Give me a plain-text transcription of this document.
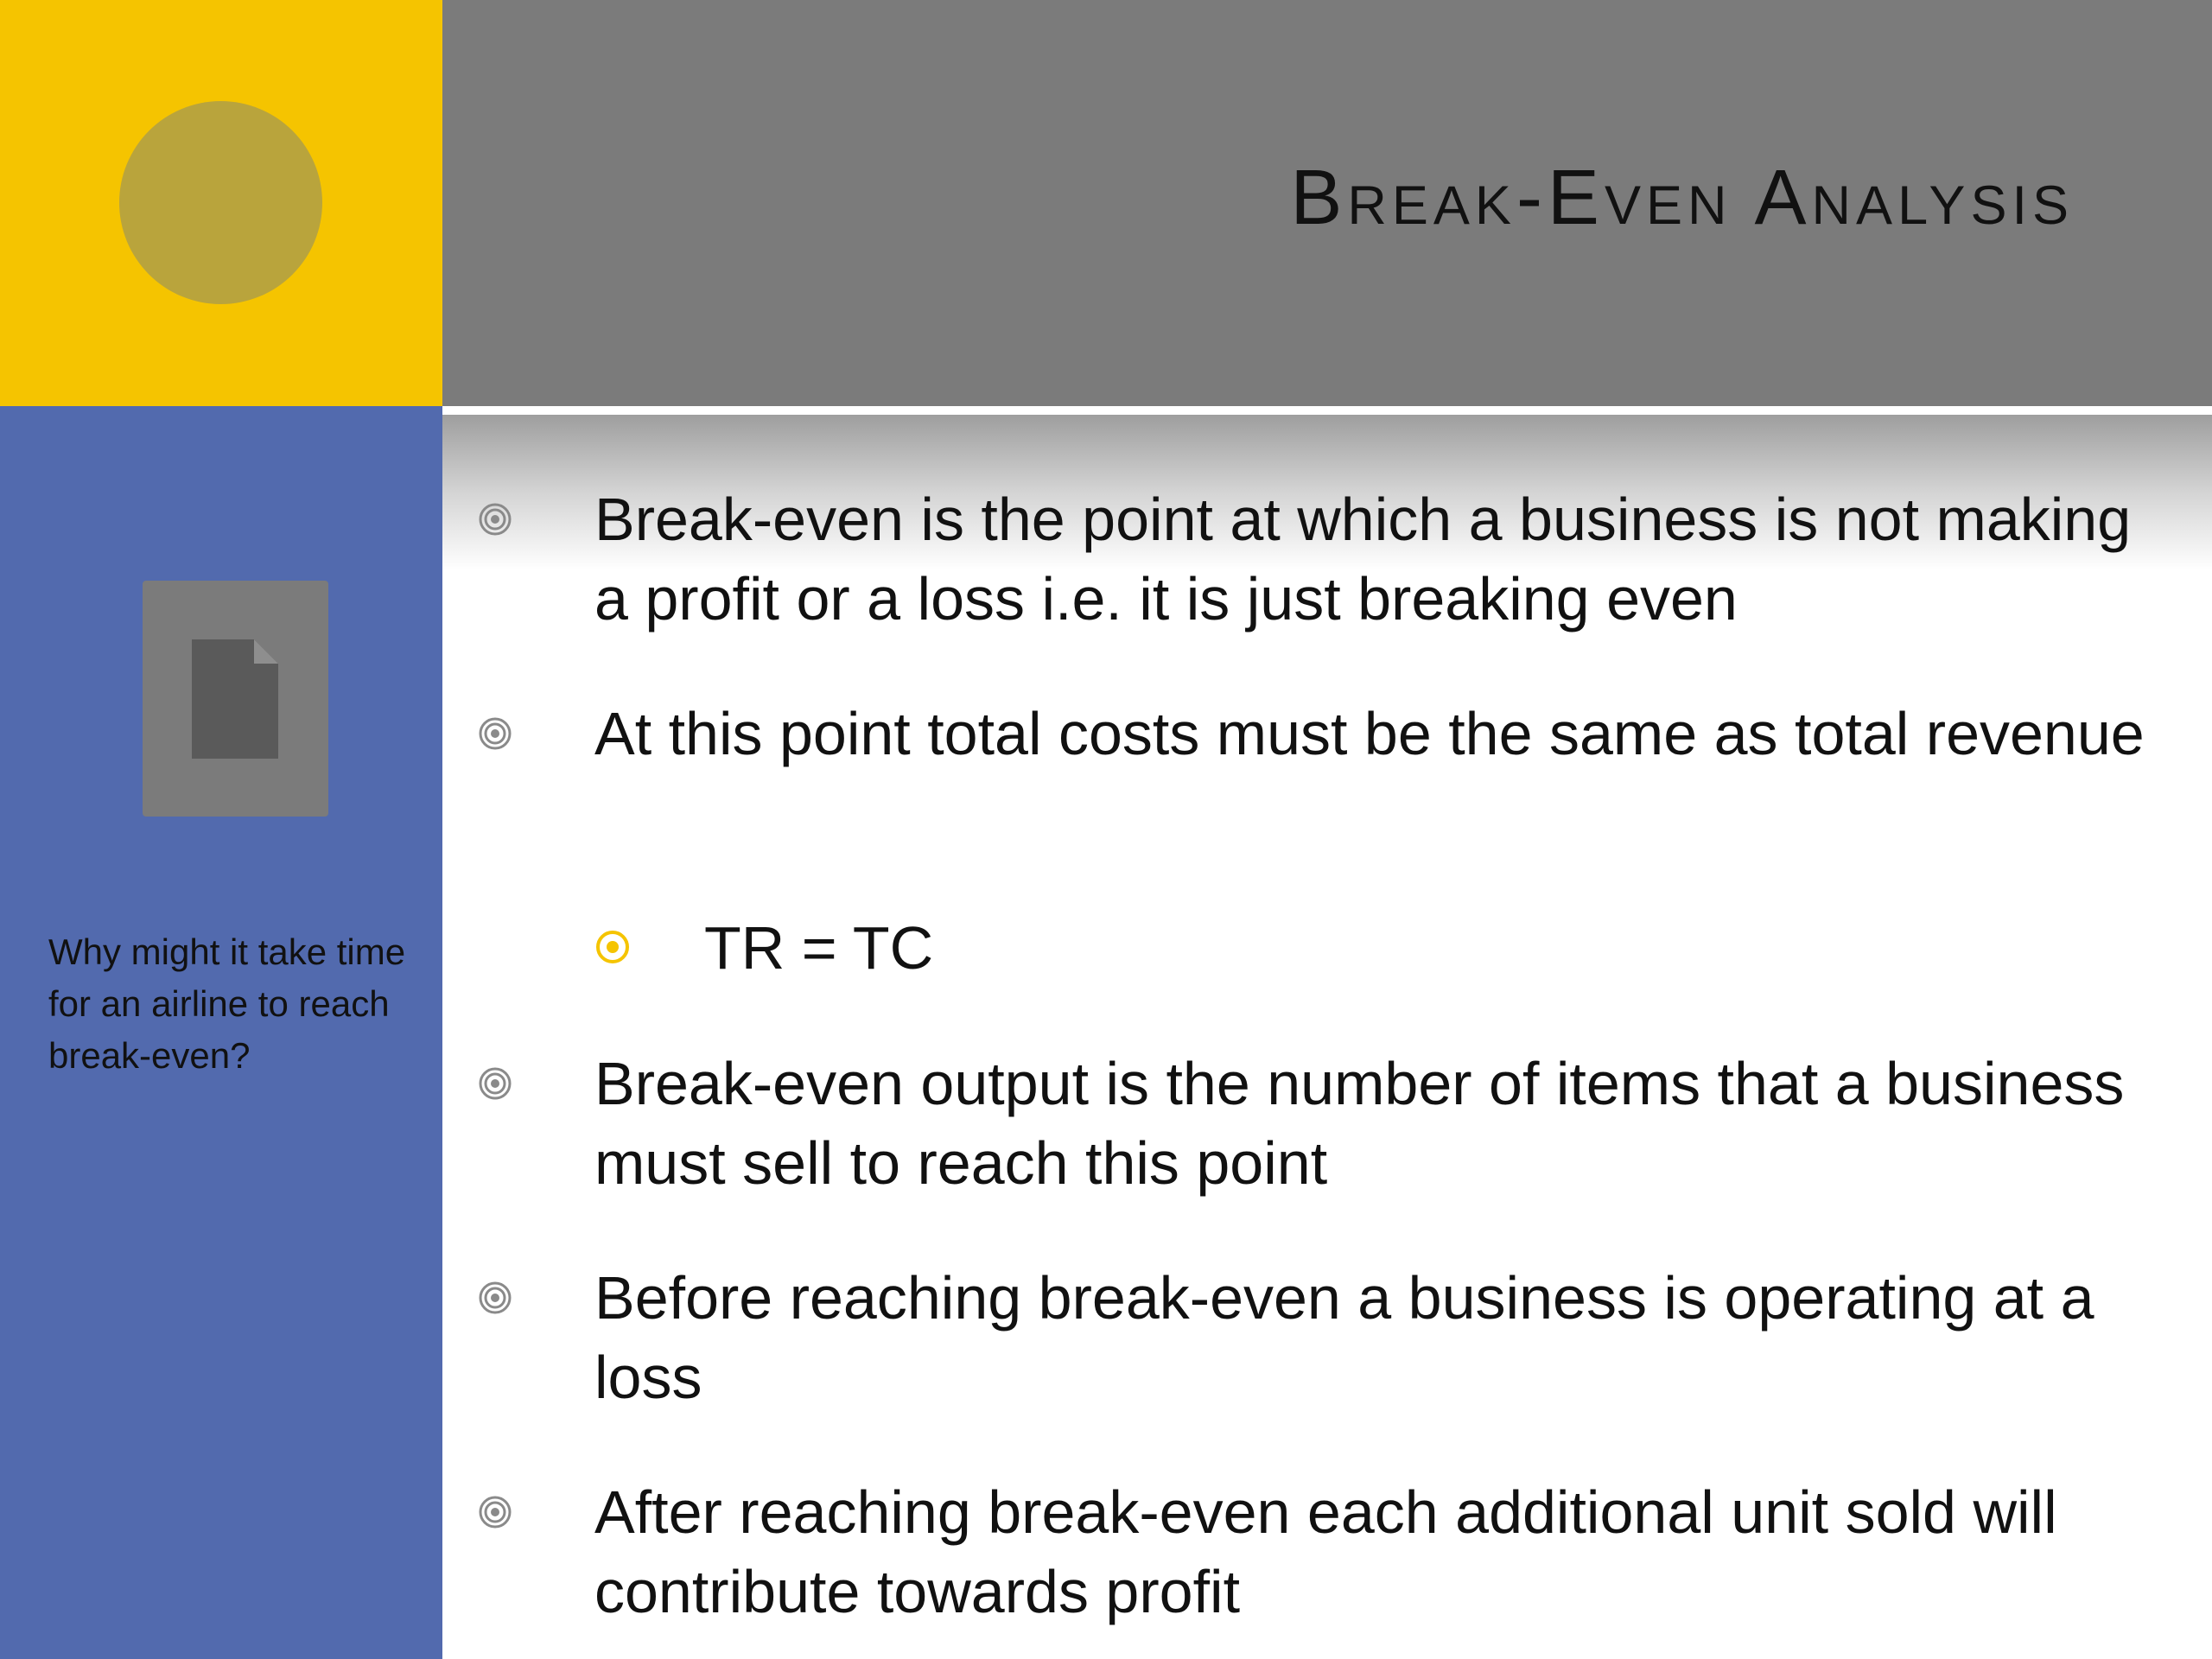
Break-Even Analysis
Why might it take time for an airline to reach break-even?
Break-even is the point at which a business is not making a profit or a loss i.e. it is just breaking even
At this point total costs must be the same as total revenue
TR = TC
Break-even output is the number of items that a business must sell to reach this point
Before reaching break-even a business is operating at a loss
After reaching break-even each additional unit sold will contribute towards profit
